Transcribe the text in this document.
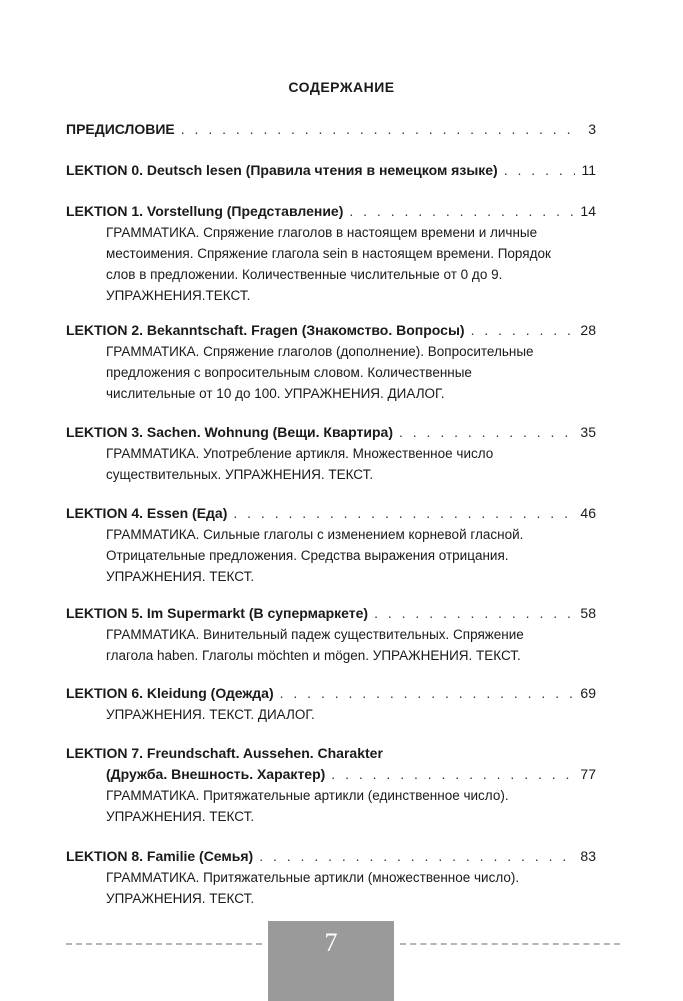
СОДЕРЖАНИЕ
ПРЕДИСЛОВИЕ . . .	3
LEKTION 0. Deutsch lesen (Правила чтения в немецком языке) . . .	11
LEKTION 1. Vorstellung (Представление) . . .	14
ГРАММАТИКА. Спряжение глаголов в настоящем времени и личные
местоимения. Спряжение глагола sein в настоящем времени. Порядок
слов в предложении. Количественные числительные от 0 до 9.
УПРАЖНЕНИЯ.ТЕКСТ.
LEKTION 2. Bekanntschaft. Fragen (Знакомство. Вопросы) . . .	28
ГРАММАТИКА. Спряжение глаголов (дополнение). Вопросительные
предложения с вопросительным словом. Количественные
числительные от 10 до 100. УПРАЖНЕНИЯ. ДИАЛОГ.
LEKTION 3. Sachen. Wohnung (Вещи. Квартира) . . .	35
ГРАММАТИКА. Употребление артикля. Множественное число
существительных. УПРАЖНЕНИЯ. ТЕКСТ.
LEKTION 4. Essen (Еда) . . .	46
ГРАММАТИКА. Сильные глаголы с изменением корневой гласной.
Отрицательные предложения. Средства выражения отрицания.
УПРАЖНЕНИЯ. ТЕКСТ.
LEKTION 5. Im Supermarkt (В супермаркете) . . .	58
ГРАММАТИКА. Винительный падеж существительных. Спряжение
глагола haben. Глаголы möchten и mögen. УПРАЖНЕНИЯ. ТЕКСТ.
LEKTION 6. Kleidung (Одежда) . . .	69
УПРАЖНЕНИЯ. ТЕКСТ. ДИАЛОГ.
LEKTION 7. Freundschaft. Aussehen. Charakter
(Дружба. Внешность. Характер) . . .	77
ГРАММАТИКА. Притяжательные артикли (единственное число).
УПРАЖНЕНИЯ. ТЕКСТ.
LEKTION 8. Familie (Семья) . . .	83
ГРАММАТИКА. Притяжательные артикли (множественное число).
УПРАЖНЕНИЯ. ТЕКСТ.
7
